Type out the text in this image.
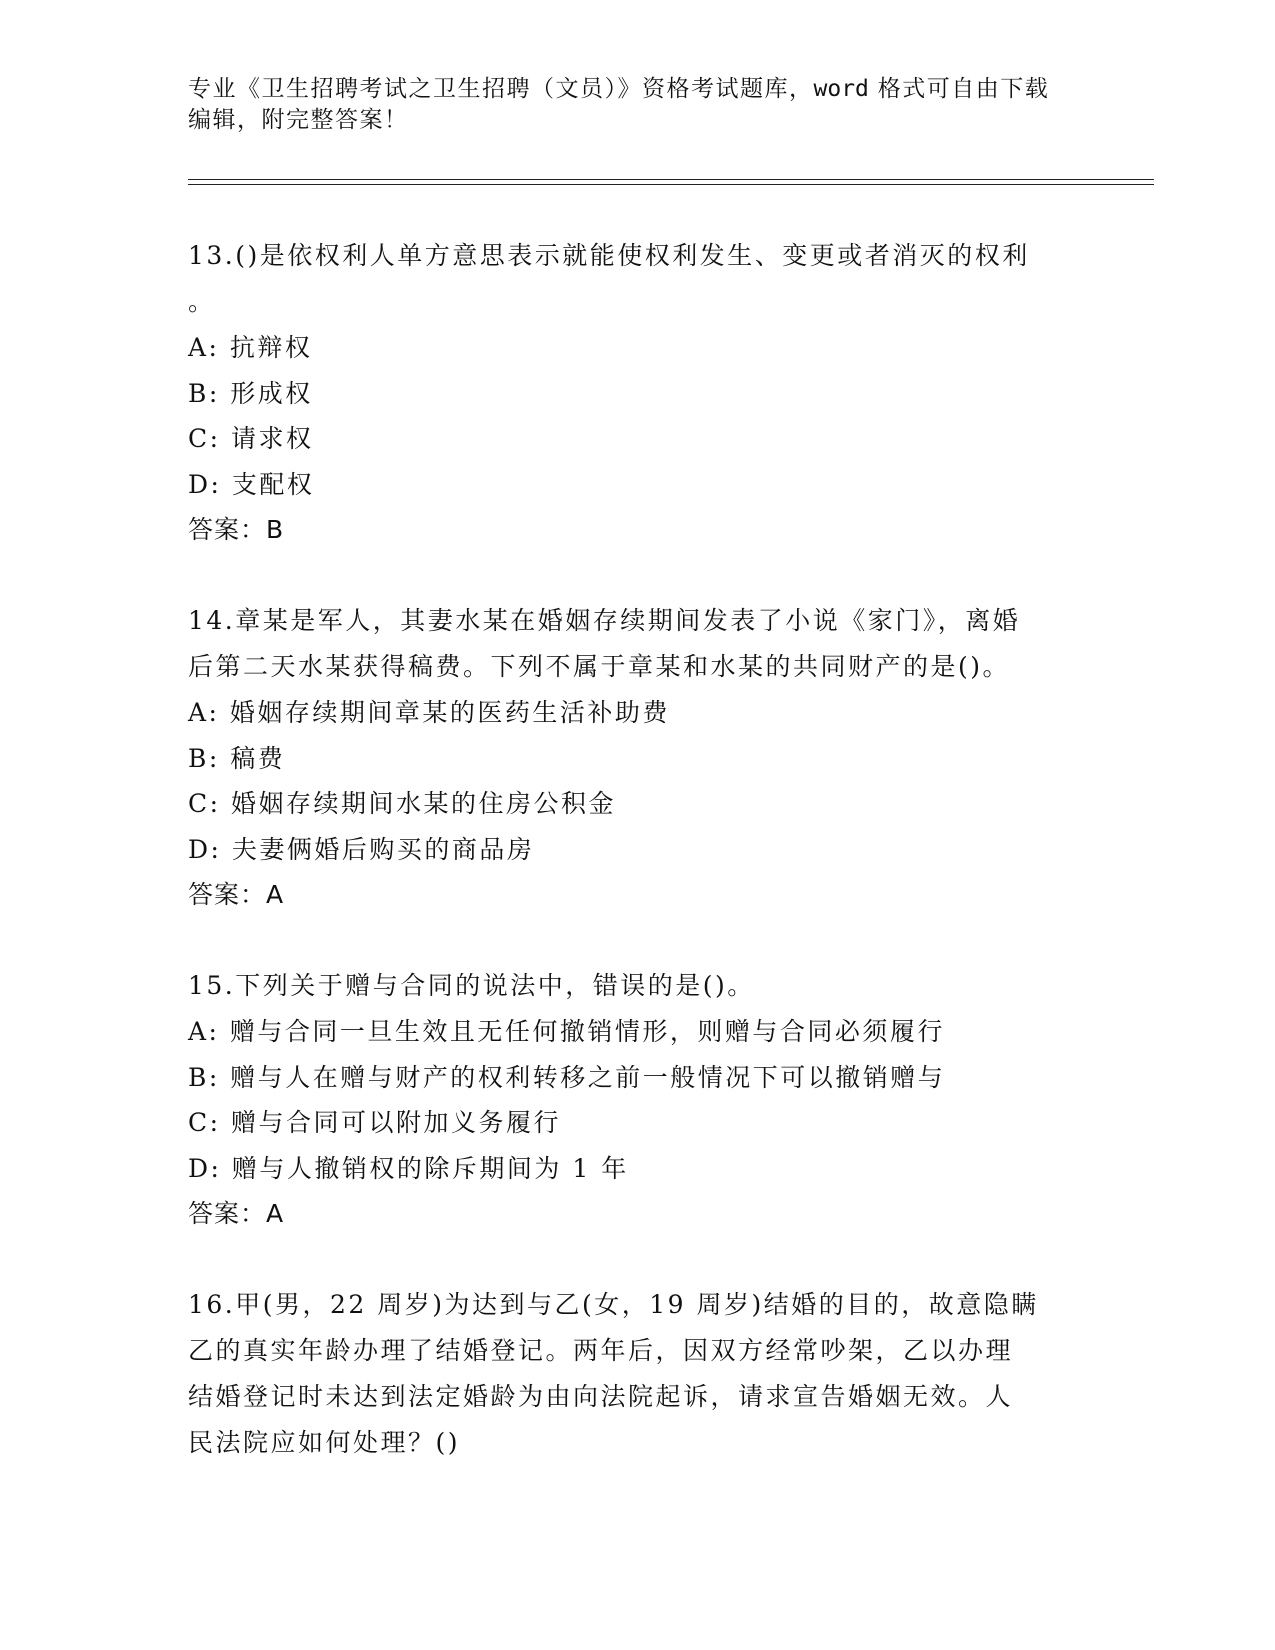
专业《卫生招聘考试之卫生招聘（文员）》资格考试题库，word 格式可自由下载
编辑，附完整答案！

13.()是依权利人单方意思表示就能使权利发生、变更或者消灭的权利

。

A: 抗辩权

B: 形成权

C: 请求权

D: 支配权

答案：B

14.章某是军人，其妻水某在婚姻存续期间发表了小说《家门》，离婚

后第二天水某获得稿费。下列不属于章某和水某的共同财产的是()。

A: 婚姻存续期间章某的医药生活补助费

B: 稿费

C: 婚姻存续期间水某的住房公积金

D: 夫妻俩婚后购买的商品房

答案：A

15.下列关于赠与合同的说法中，错误的是()。

A: 赠与合同一旦生效且无任何撤销情形，则赠与合同必须履行

B: 赠与人在赠与财产的权利转移之前一般情况下可以撤销赠与

C: 赠与合同可以附加义务履行

D: 赠与人撤销权的除斥期间为 1 年

答案：A

16.甲(男，22 周岁)为达到与乙(女，19 周岁)结婚的目的，故意隐瞒

乙的真实年龄办理了结婚登记。两年后，因双方经常吵架，乙以办理

结婚登记时未达到法定婚龄为由向法院起诉，请求宣告婚姻无效。人

民法院应如何处理？()
